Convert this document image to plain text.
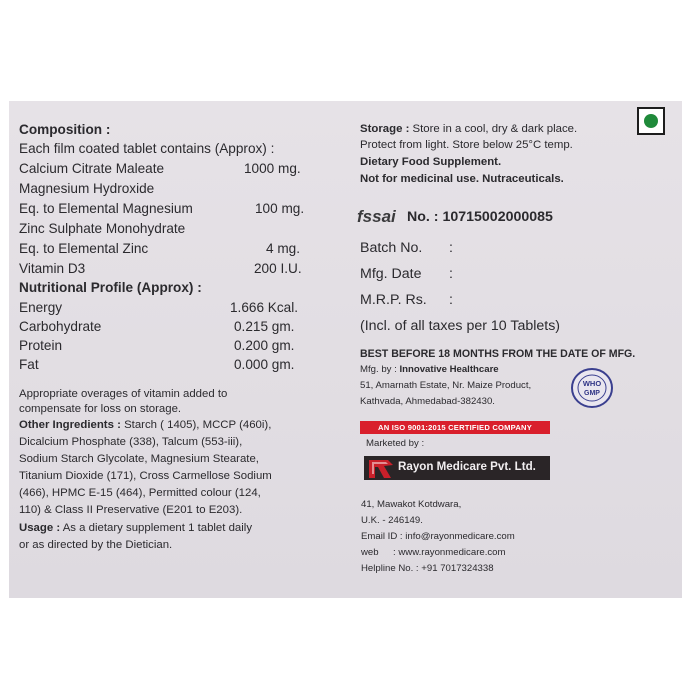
Composition :
Each film coated tablet contains (Approx) :
Calcium Citrate Maleate	1000 mg.
Magnesium Hydroxide
Eq. to Elemental Magnesium	100 mg.
Zinc Sulphate Monohydrate
Eq. to Elemental Zinc	4 mg.
Vitamin D3	200 I.U.
Nutritional Profile (Approx) :
Energy	1.666 Kcal.
Carbohydrate	0.215 gm.
Protein	0.200 gm.
Fat	0.000 gm.
Appropriate overages of vitamin added to
compensate for loss on storage.
Other Ingredients : Starch ( 1405), MCCP (460i),
Dicalcium Phosphate (338), Talcum (553-iii),
Sodium Starch Glycolate, Magnesium Stearate,
Titanium Dioxide (171), Cross Carmellose Sodium
(466), HPMC E-15 (464), Permitted colour (124,
110) & Class II Preservative (E201 to E203).
Usage : As a dietary supplement 1 tablet daily
or as directed by the Dietician.
Storage : Store in a cool, dry & dark place.
Protect from light. Store below 25°C temp.
Dietary Food Supplement.
Not for medicinal use. Nutraceuticals.
fssai No. : 10715002000085
Batch No. :
Mfg. Date :
M.R.P. Rs. :
(Incl. of all taxes per 10 Tablets)
BEST BEFORE 18 MONTHS FROM THE DATE OF MFG.
Mfg. by : Innovative Healthcare
51, Amarnath Estate, Nr. Maize Product,
Kathvada, Ahmedabad-382430.
WHO
GMP
AN ISO 9001:2015 CERTIFIED COMPANY
Marketed by :
Rayon Medicare Pvt. Ltd.
41, Mawakot Kotdwara,
U.K. - 246149.
Email ID : info@rayonmedicare.com
web : www.rayonmedicare.com
Helpline No. : +91 7017324338
